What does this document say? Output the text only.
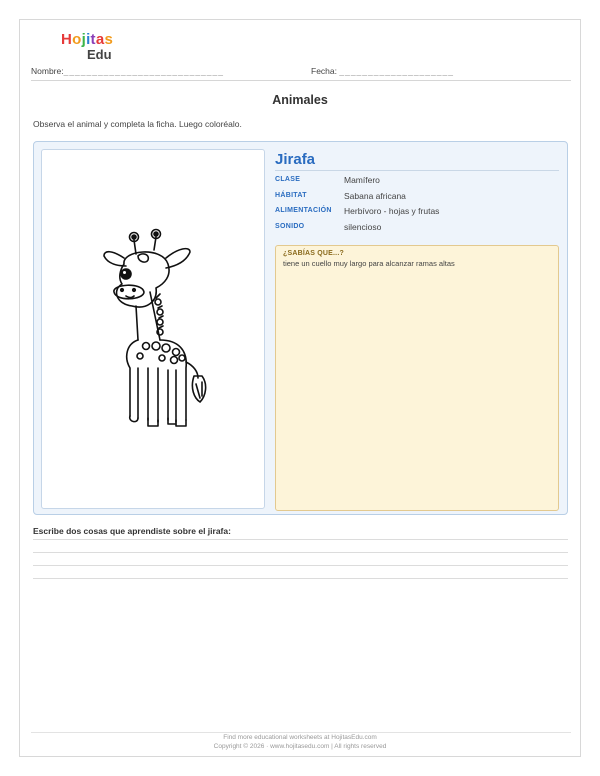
Hojitas
Edu
Nombre:____________________________	Fecha: ____________________
Animales
Observa el animal y completa la ficha. Luego coloréalo.
Jirafa
CLASE	Mamífero
HÁBITAT	Sabana africana
ALIMENTACIÓN Herbívoro - hojas y frutas
SONIDO	silencioso
¿SABÍAS QUE...?
tiene un cuello muy largo para alcanzar ramas altas
Escribe dos cosas que aprendiste sobre el jirafa:
Find more educational worksheets at HojitasEdu.com
Copyright © 2026 · www.hojitasedu.com | All rights reserved
